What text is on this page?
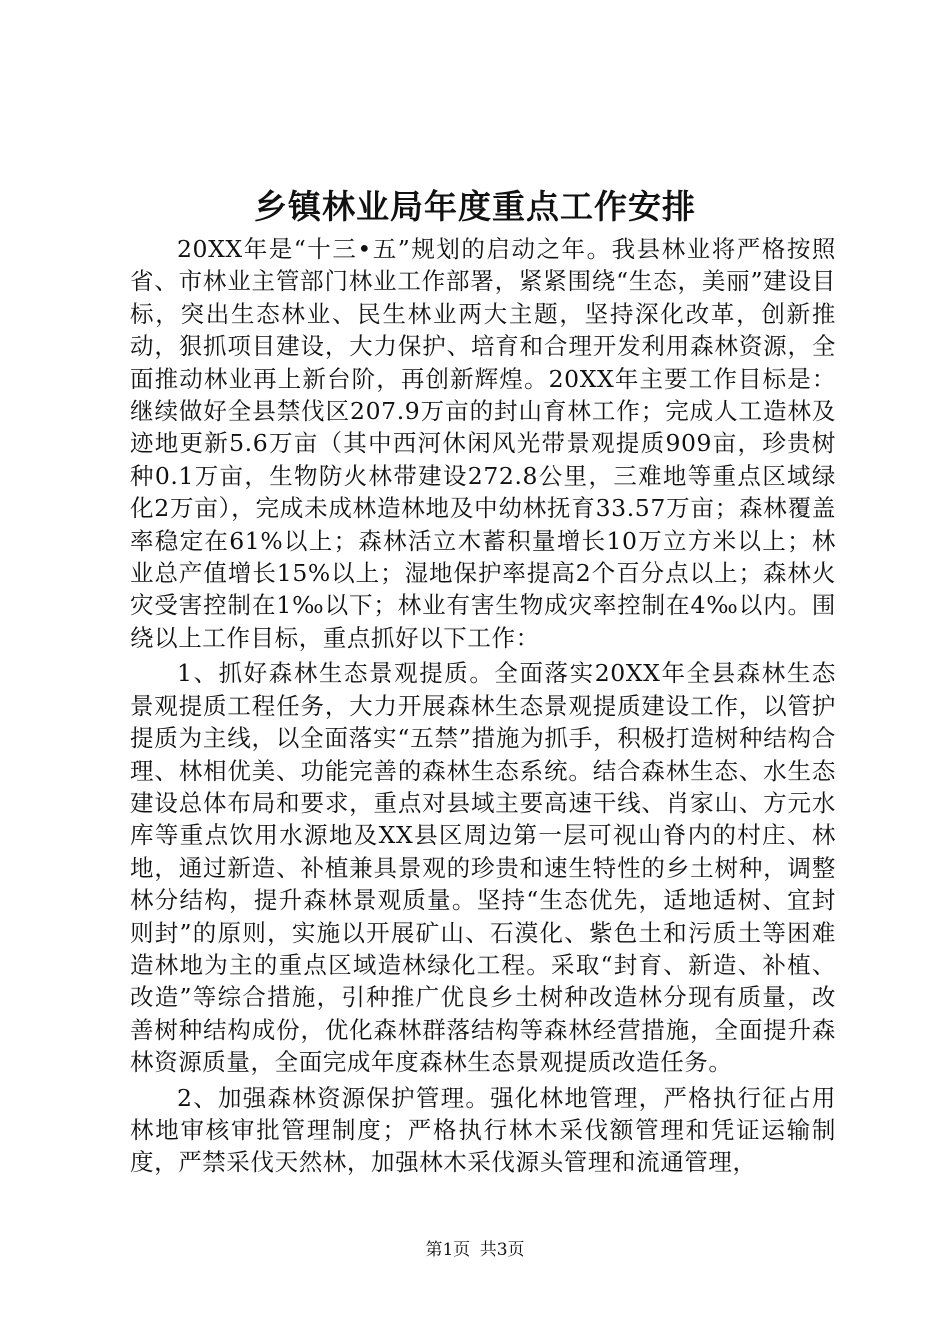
乡镇林业局年度重点工作安排

20XX年是“十三•五”规划的启动之年。我县林业将严格按照省、市林业主管部门林业工作部署，紧紧围绕“生态，美丽”建设目标，突出生态林业、民生林业两大主题，坚持深化改革，创新推动，狠抓项目建设，大力保护、培育和合理开发利用森林资源，全面推动林业再上新台阶，再创新辉煌。20XX年主要工作目标是：继续做好全县禁伐区207.9万亩的封山育林工作；完成人工造林及迹地更新5.6万亩（其中西河休闲风光带景观提质909亩，珍贵树种0.1万亩，生物防火林带建设272.8公里，三难地等重点区域绿化2万亩），完成未成林造林地及中幼林抚育33.57万亩；森林覆盖率稳定在61%以上；森林活立木蓄积量增长10万立方米以上；林业总产值增长15%以上；湿地保护率提高2个百分点以上；森林火灾受害控制在1‰以下；林业有害生物成灾率控制在4‰以内。围绕以上工作目标，重点抓好以下工作：

1、抓好森林生态景观提质。全面落实20XX年全县森林生态景观提质工程任务，大力开展森林生态景观提质建设工作，以管护提质为主线，以全面落实“五禁”措施为抓手，积极打造树种结构合理、林相优美、功能完善的森林生态系统。结合森林生态、水生态建设总体布局和要求，重点对县域主要高速干线、肖家山、方元水库等重点饮用水源地及XX县区周边第一层可视山脊内的村庄、林地，通过新造、补植兼具景观的珍贵和速生特性的乡土树种，调整林分结构，提升森林景观质量。坚持“生态优先，适地适树、宜封则封”的原则，实施以开展矿山、石漠化、紫色土和污质土等困难造林地为主的重点区域造林绿化工程。采取“封育、新造、补植、改造”等综合措施，引种推广优良乡土树种改造林分现有质量，改善树种结构成份，优化森林群落结构等森林经营措施，全面提升森林资源质量，全面完成年度森林生态景观提质改造任务。

2、加强森林资源保护管理。强化林地管理，严格执行征占用林地审核审批管理制度；严格执行林木采伐额管理和凭证运输制度，严禁采伐天然林，加强林木采伐源头管理和流通管理，

第1页 共3页
